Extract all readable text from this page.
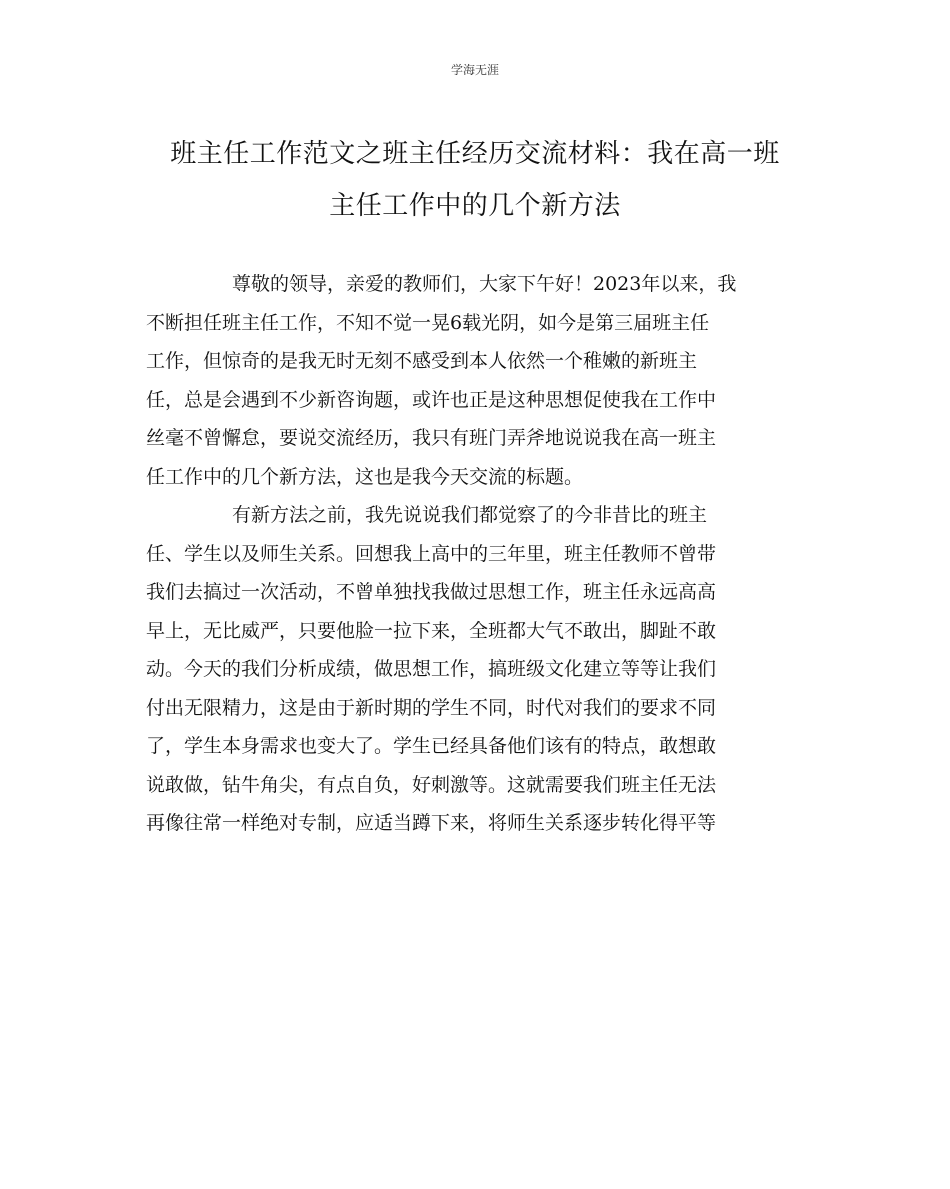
学海无涯
班主任工作范文之班主任经历交流材料：我在高一班
主任工作中的几个新方法
尊敬的领导，亲爱的教师们，大家下午好！2023年以来，我
不断担任班主任工作，不知不觉一晃6载光阴，如今是第三届班主任
工作，但惊奇的是我无时无刻不感受到本人依然一个稚嫩的新班主
任，总是会遇到不少新咨询题，或许也正是这种思想促使我在工作中
丝毫不曾懈怠，要说交流经历，我只有班门弄斧地说说我在高一班主
任工作中的几个新方法，这也是我今天交流的标题。
有新方法之前，我先说说我们都觉察了的今非昔比的班主
任、学生以及师生关系。回想我上高中的三年里，班主任教师不曾带
我们去搞过一次活动，不曾单独找我做过思想工作，班主任永远高高
早上，无比威严，只要他脸一拉下来，全班都大气不敢出，脚趾不敢
动。今天的我们分析成绩，做思想工作，搞班级文化建立等等让我们
付出无限精力，这是由于新时期的学生不同，时代对我们的要求不同
了，学生本身需求也变大了。学生已经具备他们该有的特点，敢想敢
说敢做，钻牛角尖，有点自负，好刺激等。这就需要我们班主任无法
再像往常一样绝对专制，应适当蹲下来，将师生关系逐步转化得平等
